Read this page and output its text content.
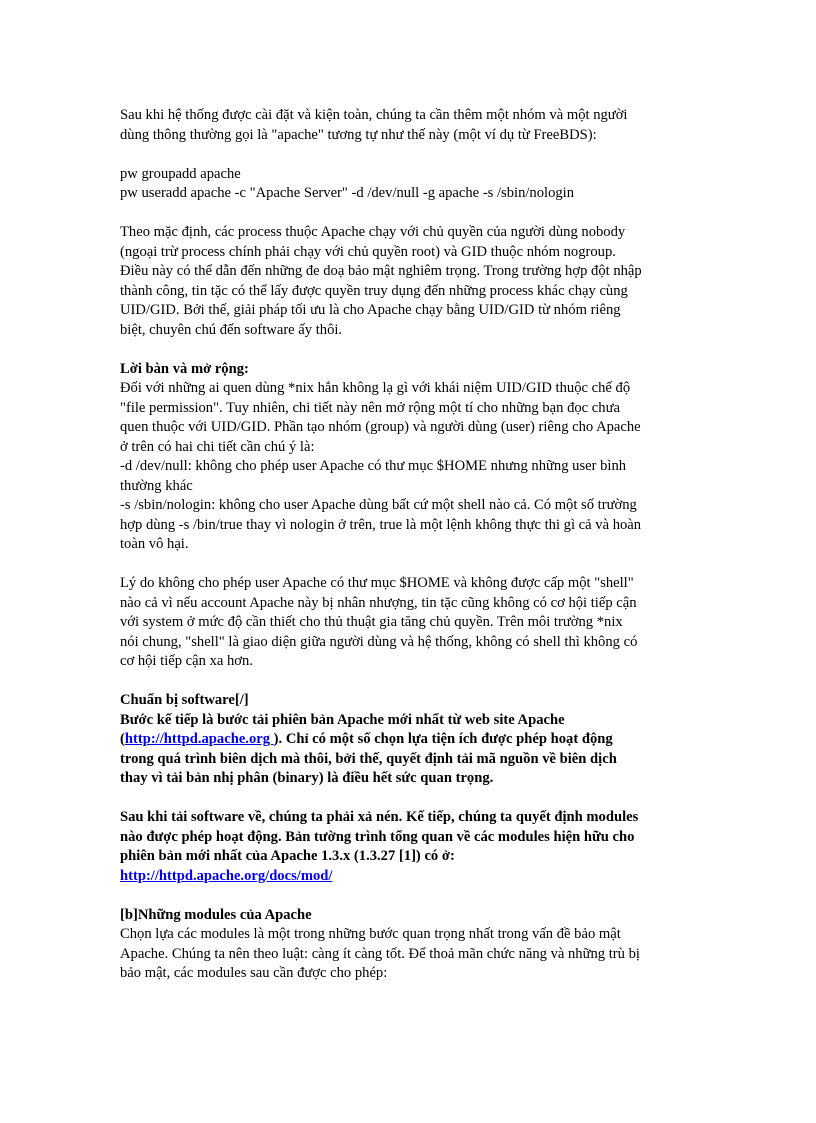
Sau khi hệ thống được cài đặt và kiện toàn, chúng ta cần thêm một nhóm và một người

dùng thông thường gọi là "apache" tương tự như thế này (một ví dụ từ FreeBDS):

pw groupadd apache

pw useradd apache -c "Apache Server" -d /dev/null -g apache -s /sbin/nologin

Theo mặc định, các process thuộc Apache chạy với chủ quyền của người dùng nobody

(ngoại trừ process chính phải chạy với chủ quyền root) và GID thuộc nhóm nogroup.

Điều này có thể dẫn đến những đe doạ bảo mật nghiêm trọng. Trong trường hợp đột nhập

thành công, tin tặc có thể lấy được quyền truy dụng đến những process khác chạy cùng

UID/GID. Bởi thế, giải pháp tối ưu là cho Apache chạy bằng UID/GID từ nhóm riêng

biệt, chuyên chú đến software ấy thôi.

Lời bàn và mở rộng:

Đối với những ai quen dùng *nix hẳn không lạ gì với khái niệm UID/GID thuộc chế độ

"file permission". Tuy nhiên, chi tiết này nên mở rộng một tí cho những bạn đọc chưa

quen thuộc với UID/GID. Phần tạo nhóm (group) và người dùng (user) riêng cho Apache

ở trên có hai chi tiết cần chú ý là:

-d /dev/null: không cho phép user Apache có thư mục $HOME nhưng những user bình

thường khác

-s /sbin/nologin: không cho user Apache dùng bất cứ một shell nào cả. Có một số trường

hợp dùng -s /bin/true thay vì nologin ở trên, true là một lệnh không thực thi gì cả và hoàn

toàn vô hại.

Lý do không cho phép user Apache có thư mục $HOME và không được cấp một "shell"

nào cả vì nếu account Apache này bị nhân nhượng, tin tặc cũng không có cơ hội tiếp cận

với system ở mức độ cần thiết cho thủ thuật gia tăng chủ quyền. Trên môi trường *nix

nói chung, "shell" là giao diện giữa người dùng và hệ thống, không có shell thì không có

cơ hội tiếp cận xa hơn.

Chuẩn bị software[/]

Bước kế tiếp là bước tải phiên bản Apache mới nhất từ web site Apache

(http://httpd.apache.org ). Chỉ có một số chọn lựa tiện ích được phép hoạt động

trong quá trình biên dịch mà thôi, bởi thế, quyết định tải mã nguồn về biên dịch

thay vì tải bản nhị phân (binary) là điều hết sức quan trọng.

Sau khi tải software về, chúng ta phải xả nén. Kế tiếp, chúng ta quyết định modules

nào được phép hoạt động. Bản tường trình tổng quan về các modules hiện hữu cho

phiên bản mới nhất của Apache 1.3.x (1.3.27 [1]) có ở:

http://httpd.apache.org/docs/mod/

[b]Những modules của Apache

Chọn lựa các modules là một trong những bước quan trọng nhất trong vấn đề bảo mật

Apache. Chúng ta nên theo luật: càng ít càng tốt. Để thoả mãn chức năng và những trù bị

bảo mật, các modules sau cần được cho phép:
